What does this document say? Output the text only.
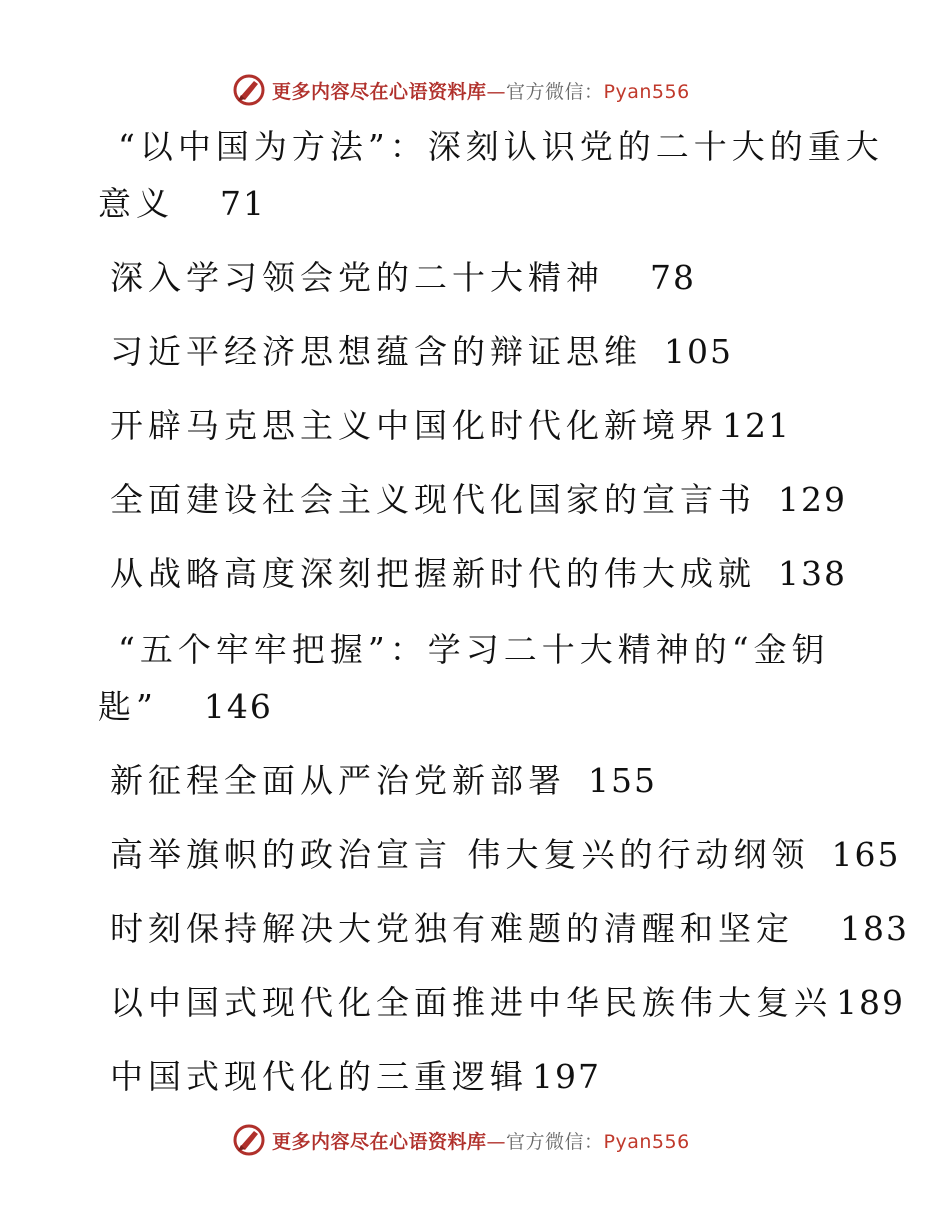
更多内容尽在心语资料库—官方微信：Pyan556
“以中国为方法”：深刻认识党的二十大的重大
意义 71
深入学习领会党的二十大精神 78
习近平经济思想蕴含的辩证思维 105
开辟马克思主义中国化时代化新境界 121
全面建设社会主义现代化国家的宣言书 129
从战略高度深刻把握新时代的伟大成就 138
“五个牢牢把握”：学习二十大精神的“金钥
匙” 146
新征程全面从严治党新部署 155
高举旗帜的政治宣言 伟大复兴的行动纲领 165
时刻保持解决大党独有难题的清醒和坚定 183
以中国式现代化全面推进中华民族伟大复兴 189
中国式现代化的三重逻辑 197
更多内容尽在心语资料库—官方微信：Pyan556
